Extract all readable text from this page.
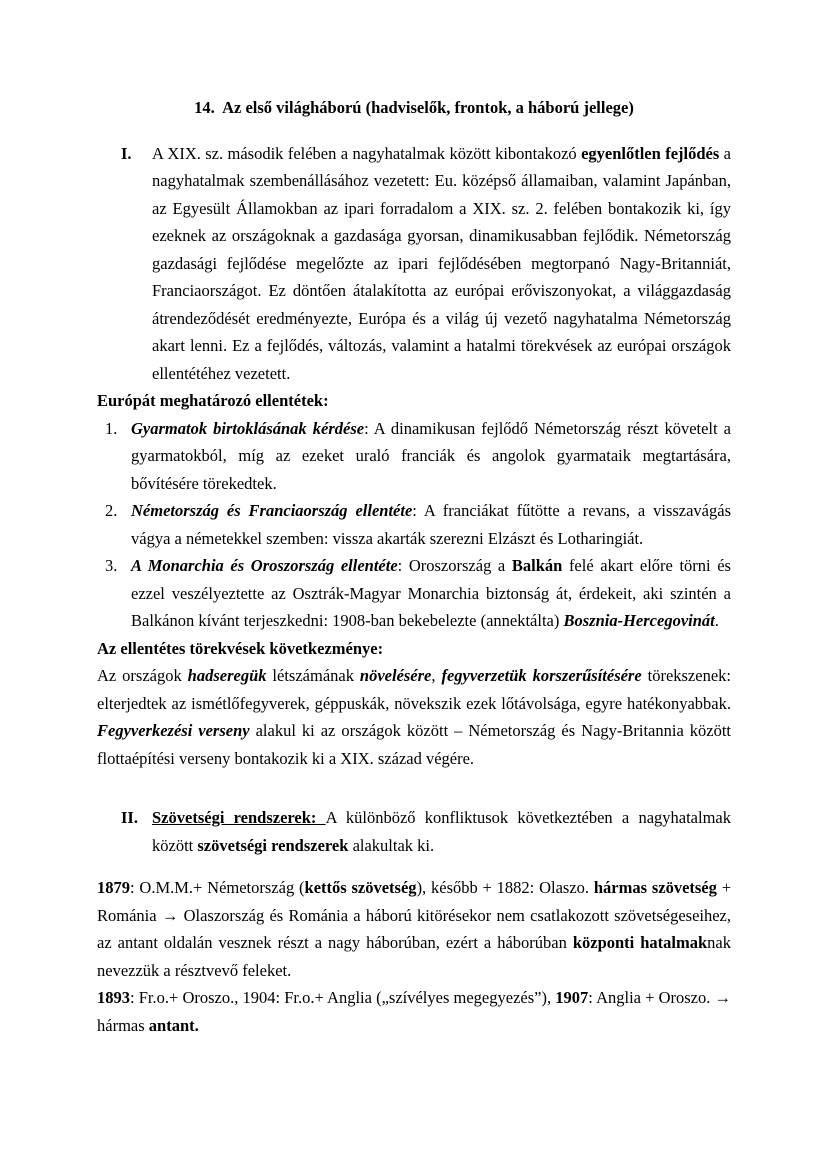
14.  Az első világháború (hadviselők, frontok, a háború jellege)
I. A XIX. sz. második felében a nagyhatalmak között kibontakozó egyenlőtlen fejlődés a nagyhatalmak szembenállásához vezetett: Eu. középső államaiban, valamint Japánban, az Egyesült Államokban az ipari forradalom a XIX. sz. 2. felében bontakozik ki, így ezeknek az országoknak a gazdasága gyorsan, dinamikusabban fejlődik. Németország gazdasági fejlődése megelőzte az ipari fejlődésében megtorpanó Nagy-Britanniát, Franciaországot. Ez döntően átalakította az európai erőviszonyokat, a világgazdaság átrendeződését eredményezte, Európa és a világ új vezető nagyhatalma Németország akart lenni. Ez a fejlődés, változás, valamint a hatalmi törekvések az európai országok ellentétéhez vezetett.
Európát meghatározó ellentétek:
1. Gyarmatok birtoklásának kérdése: A dinamikusan fejlődő Németország részt követelt a gyarmatokból, míg az ezeket uraló franciák és angolok gyarmataik megtartására, bővítésére törekedtek.
2. Németország és Franciaország ellentéte: A franciákat fűtötte a revans, a visszavágás vágya a németekkel szemben: vissza akarták szerezni Elzászt és Lotharingiát.
3. A Monarchia és Oroszország ellentéte: Oroszország a Balkán felé akart előre törni és ezzel veszélyeztette az Osztrák-Magyar Monarchia biztonság át, érdekeit, aki szintén a Balkánon kívánt terjeszkedni: 1908-ban bekebelezte (annektálta) Bosznia-Hercegovinát.
Az ellentétes törekvések következménye:
Az országok hadseregük létszámának növelésére, fegyverzetük korszerűsítésére törekszenek: elterjedtek az ismétlőfegyverek, géppuskák, növekszik ezek lőtávolsága, egyre hatékonyabbak. Fegyverkezési verseny alakul ki az országok között – Németország és Nagy-Britannia között flottaépítési verseny bontakozik ki a XIX. század végére.
II. Szövetségi rendszerek: A különböző konfliktusok következtében a nagyhatalmak között szövetségi rendszerek alakultak ki.
1879: O.M.M.+ Németország (kettős szövetség), később + 1882: Olaszo. hármas szövetség + Románia → Olaszország és Románia a háború kitörésekor nem csatlakozott szövetségeseihez, az antant oldalán vesznek részt a nagy háborúban, ezért a háborúban központi hatalmaknak nevezzük a résztvevő feleket.
1893: Fr.o.+ Oroszo., 1904: Fr.o.+ Anglia („szívélyes megegyezés”), 1907: Anglia + Oroszo. → hármas antant.
